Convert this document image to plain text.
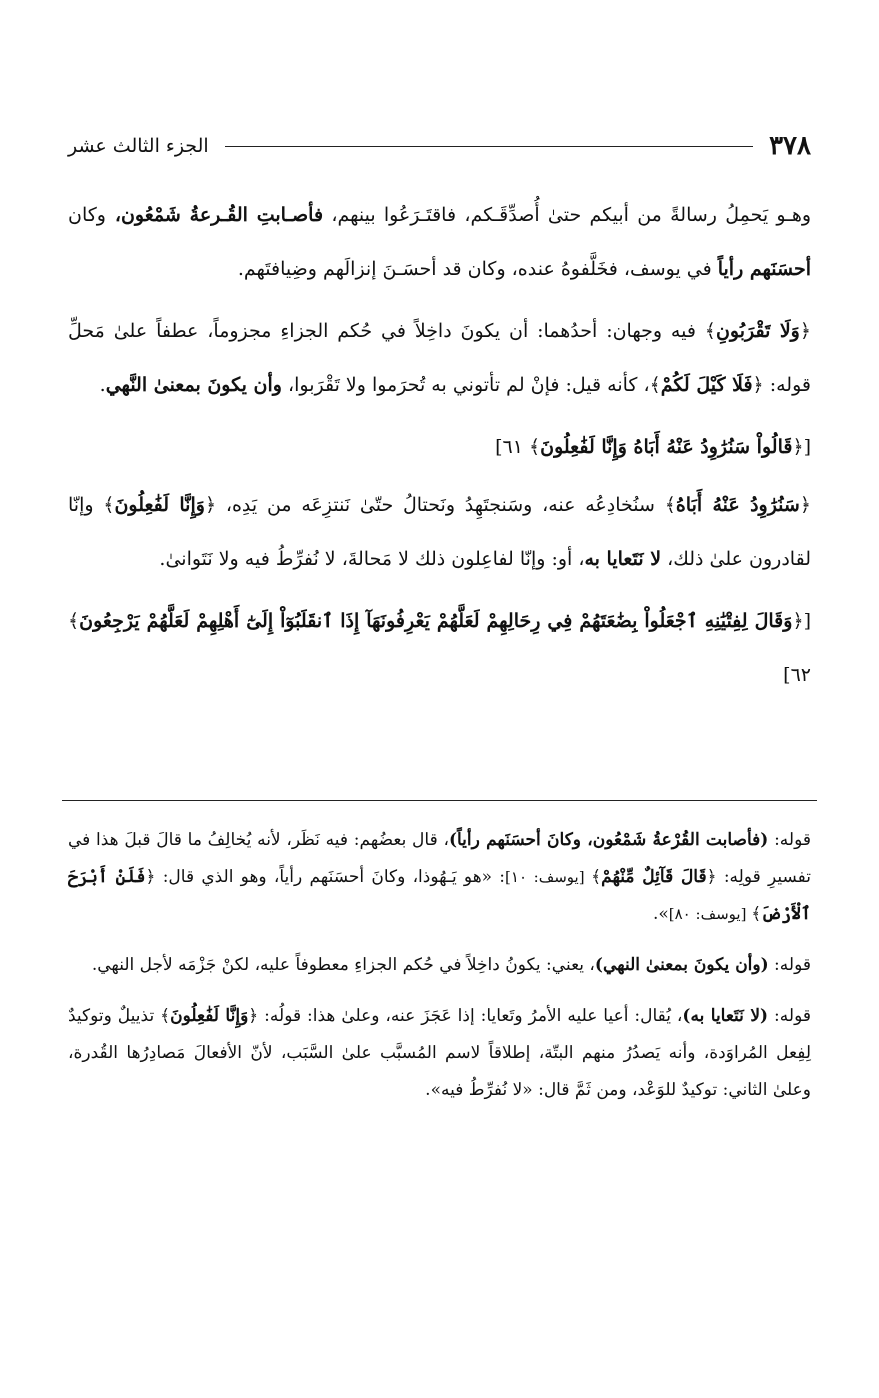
٣٧٨
الجزء الثالث عشر

وهـو يَحمِلُ رسالةً من أبيكم حتىٰ أُصدِّقَـكم، فاقتَـرَعُوا بينهم، فأصـابتِ القُـرعةُ شَمْعُون، وكان أحسَنَهم رأياً في يوسف، فخَلَّفوهُ عنده، وكان قد أحسَـنَ إنزالَهم وضِيافتَهم.

﴿وَلَا تَقْرَبُونِ﴾ فيه وجهان: أحدُهما: أن يكونَ داخِلاً في حُكم الجزاءِ مجزوماً، عطفاً علىٰ مَحلِّ قوله: ﴿فَلَا كَيْلَ لَكُمْ﴾، كأنه قيل: فإنْ لم تأتوني به تُحرَموا ولا تَقْرَبوا، وأن يكونَ بمعنىٰ النَّهي.

[﴿قَالُواْ سَنُرَٰوِدُ عَنْهُ أَبَاهُ وَإِنَّا لَفَٰعِلُونَ﴾ ٦١]

﴿سَنُرَٰوِدُ عَنْهُ أَبَاهُ﴾ سنُخادِعُه عنه، وسَنجتَهِدُ ونَحتالُ حتّىٰ نَنتزِعَه من يَدِه، ﴿وَإِنَّا لَفَٰعِلُونَ﴾ وإنّا لقادرون علىٰ ذلك، لا نَتَعايا به، أو: وإنّا لفاعِلون ذلك لا مَحالةَ، لا نُفرِّطُ فيه ولا نَتَوانىٰ.

[﴿وَقَالَ لِفِتْيَٰنِهِ ٱجْعَلُواْ بِضَٰعَتَهُمْ فِي رِحَالِهِمْ لَعَلَّهُمْ يَعْرِفُونَهَآ إِذَا ٱنقَلَبُوٓاْ إِلَىٰٓ أَهْلِهِمْ لَعَلَّهُمْ يَرْجِعُونَ﴾ ٦٢]

قوله: (فأصابت القُرْعةُ شَمْعُون، وكانَ أحسَنَهم رأياً)، قال بعضُهم: فيه نَظَر، لأنه يُخالِفُ ما قالَ قبلَ هذا في تفسيرِ قولِه: ﴿قَالَ قَآئِلٌ مِّنْهُمْ﴾ [يوسف: ١٠]: «هو يَـهُوذا، وكانَ أحسَنَهم رأياً، وهو الذي قال: ﴿فَلَنْ أَبْرَحَ ٱلْأَرْضَ﴾ [يوسف: ٨٠]».

قوله: (وأن يكونَ بمعنىٰ النهي)، يعني: يكونُ داخِلاً في حُكم الجزاءِ معطوفاً عليه، لكنْ جَزْمَه لأجل النهي.

قوله: (لا نَتَعايا به)، يُقال: أعيا عليه الأمرُ وتَعايا: إذا عَجَزَ عنه، وعلىٰ هذا: قولُه: ﴿وَإِنَّا لَفَٰعِلُونَ﴾ تذييلٌ وتوكيدٌ لِفِعل المُراوَدة، وأنه يَصدُرُ منهم البتّة، إطلاقاً لاسم المُسبَّب علىٰ السَّبَب، لأنّ الأفعالَ مَصادِرُها القُدرة، وعلىٰ الثاني: توكيدٌ للوَعْد، ومن ثَمَّ قال: «لا نُفرِّطُ فيه».
